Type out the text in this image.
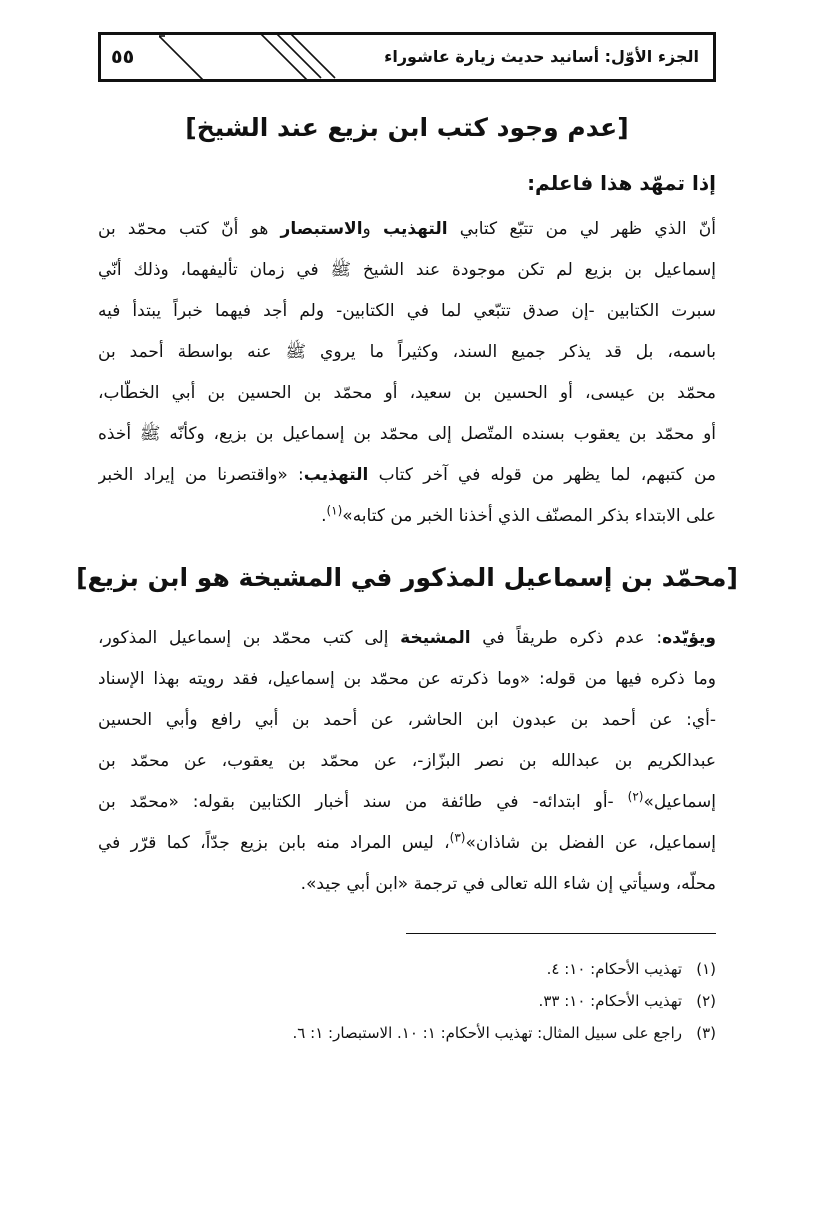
الجزء الأوّل: أسانيد حديث زيارة عاشوراء
٥٥
[عدم وجود كتب ابن بزيع عند الشيخ]
إذا تمهّد هذا فاعلم:
أنّ الذي ظهر لي من تتبّع كتابي التهذيب والاستبصار هو أنّ كتب محمّد بن
إسماعيل بن بزيع لم تكن موجودة عند الشيخ ﷺ في زمان تأليفهما، وذلك أنّي
سبرت الكتابين -إن صدق تتبّعي لما في الكتابين- ولم أجد فيهما خبراً يبتدأ فيه
باسمه، بل قد يذكر جميع السند، وكثيراً ما يروي ﷺ عنه بواسطة أحمد بن
محمّد بن عيسى، أو الحسين بن سعيد، أو محمّد بن الحسين بن أبي الخطّاب،
أو محمّد بن يعقوب بسنده المتّصل إلى محمّد بن إسماعيل بن بزيع، وكأنّه ﷺ أخذه
من كتبهم، لما يظهر من قوله في آخر كتاب التهذيب: «واقتصرنا من إيراد الخبر
على الابتداء بذكر المصنّف الذي أخذنا الخبر من كتابه»$^{(١)}$.
[محمّد بن إسماعيل المذكور في المشيخة هو ابن بزيع]
ويؤيّده: عدم ذكره طريقاً في المشيخة إلى كتب محمّد بن إسماعيل المذكور،
وما ذكره فيها من قوله: «وما ذكرته عن محمّد بن إسماعيل، فقد رويته بهذا الإسناد
-أي: عن أحمد بن عبدون ابن الحاشر، عن أحمد بن أبي رافع وأبي الحسين
عبدالكريم بن عبدالله بن نصر البزّاز-، عن محمّد بن يعقوب، عن محمّد بن
إسماعيل»$^{(٢)}$ -أو ابتدائه- في طائفة من سند أخبار الكتابين بقوله: «محمّد بن
إسماعيل، عن الفضل بن شاذان»$^{(٣)}$، ليس المراد منه بابن بزيع جدّاً، كما قرّر في
محلّه، وسيأتي إن شاء الله تعالى في ترجمة «ابن أبي جيد».
(١)تهذيب الأحكام: ١٠: ٤.
(٢)تهذيب الأحكام: ١٠: ٣٣.
(٣)راجع على سبيل المثال: تهذيب الأحكام: ١: ١٠. الاستبصار: ١: ٦.
